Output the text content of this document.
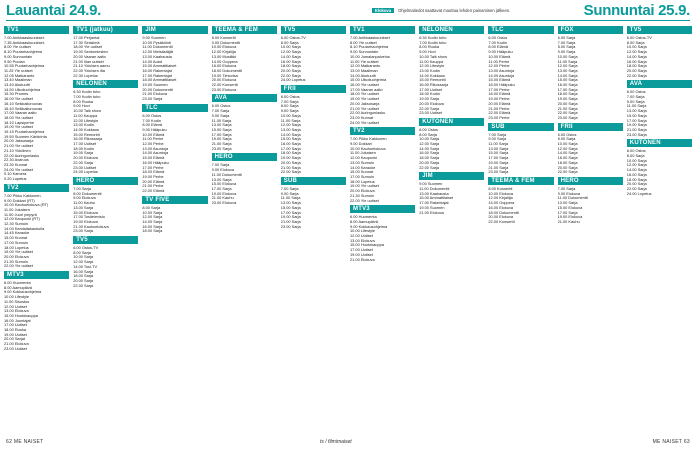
Lauantai 24.9.	Elokuva Ohjelmatiedot saattavat muuttua lehden painamisen jälkeen.	Sunnuntai 25.9.
TV1
7.00 Anikkaaskuunkset.
7.35 Anikkaaskuunkset.
8.00 Yle uutiset
8.10 Puutarhaohjelma
9.00 Sunnuntain
9.50 Puolan
10.55 Puutarhaohjelma
11.25 Yle uutiset
12.05 Matkaranto
13.40 Maailman
13.40 Akutuutit
14.50 Ulkoiluohjelma
15.30 Promes
16.00 Yle uutiset
16.10 Seikkailurouvas
16.40 Seikkailurouvas
17.00 Vaaran aalto
18.00 Yle uutiset
18.10 Lapsiperhe
19.00 Yle uutiset
19.15 Puutarhaohjelma
19.50 Suomen Kärkirinta
20.00 Jaksosarja
21.00 Yle uutiset
21.10 Ykköinen
22.00 Auringonlasku
22.30 Avaruus
23.30 Kunnat
24.00 Yle uutiset
0.10 Kamera
0.20 Lopetus
TV2
7.00 Pikku Kakkonen.
9.00 Dokkari (RT)
10.00 Kauhuelokuva (RT)
11.00 Jokaisen
11.50 Juuri ympyrä
12.00 Kaupunki (RT)
12.30 Sumuin
14.00 Kamlaitakaukulla
14.45 Karaoke
15.00 Kunnat
17.00 Sumuin
18.00 Lopetus
19.00 Yle uutiset
20.00 Elokuva
21.30 Sumuin
22.00 Yle uutiset
MTV3
6.00 Huomenta
8.00 Aamupäivä
9.00 Kokkausohjelma
10.00 Lifestyle
11.00 Sisustus
12.00 Uutiset
13.00 Elokuva
15.00 Huutokauppa
16.00 Juontajat
17.00 Uutiset
18.00 Ruoka
19.00 Uutiset
20.00 Sarjat
21.00 Elokuva
23.00 Uutiset
TV1 (jatkuu)
17.00 Perjantai
17.30 Sinisilmä
18.00 Yle uutiset
19.00 Sentomiesten
20.00 Vaaran aalto
21.00 Illan uutiset
21.10 Ykkösen aamu
22.00 Ykkösen ilta
22.30 Lopetus
NELONEN
6.30 Kodin tuho
7.00 Kodin tuho
8.00 Ruoka
9.00 Hovi
10.00 Talk show
11.00 Kauppa
12.00 Lifestyle
13.00 Kodin
14.00 Kokkaus
15.00 Remontti
16.00 Rikossarja
17.00 Uutiset
18.00 Kodin
19.00 Sarja
20.00 Elokuva
22.00 Sarja
23.00 Uutiset
24.00 Lopetus
HERO
7.00 Sarja
8.00 Dokumentti
9.00 Elokuva
11.00 Kauhu
13.00 Sarja
15.00 Elokuva
17.00 Tositelevisio
19.00 Elokuva
21.00 Kauhuelokuva
23.00 Sarja
TV5
6.00 Ostos-TV
8.00 Sarja
10.00 Sarja
12.00 Sarja
14.00 Tosi-TV
16.00 Sarja
18.00 Sarja
20.00 Sarja
22.00 Sarja
JIM
9.00 Suomen
10.00 Pysäköinti
11.00 Dokumentti
12.00 Metsästäjät
13.00 Kaahausta
14.00 Autot
15.00 Ammattilaiset
16.00 Rakentajat
17.00 Rakentajat
18.00 Ammattilaiset
19.00 Suomen
20.00 Dokumentti
21.00 Elokuva
23.00 Sarja
TLC
6.00 Ostos
7.00 Kodin
8.00 Elämä
9.00 Hääpuku
10.00 Elämä
11.00 Perhe
12.00 Perhe
13.00 Asuntoja
14.00 Asuntoja
15.00 Elämä
16.00 Hääpuku
17.00 Perhe
18.00 Elämä
19.00 Perhe
20.00 Elämä
21.00 Perhe
22.00 Elämä
TV FIVE
8.00 Sarja
10.00 Sarja
12.00 Sarja
14.00 Sarja
16.00 Sarja
18.00 Sarja
TEEMA & FEM
8.00 Konsertti
9.00 Dokumentti
10.00 Elokuva
12.00 Kirjailija
13.00 Musiikki
14.00 Ooppera
16.00 Elokuva
18.00 Dokumentti
19.00 Tietovisa
20.00 Elokuva
22.00 Konsertti
23.00 Elokuva
AVA
6.00 Ostos
7.00 Sarja
9.00 Sarja
11.00 Sarja
13.00 Sarja
15.00 Sarja
17.00 Sarja
19.00 Sarja
21.00 Sarja
23.00 Sarja
HERO
7.00 Sarja
9.00 Elokuva
11.00 Dokumentti
13.00 Sarja
15.00 Elokuva
17.00 Sarja
19.00 Elokuva
21.00 Kauhu
23.00 Elokuva
TV5
6.00 Ostos-TV
8.00 Sarja
10.00 Sarja
12.00 Sarja
14.00 Sarja
16.00 Sarja
18.00 Sarja
20.00 Sarja
22.00 Sarja
24.00 Lopetus
FRII
6.00 Ostos
7.00 Sarja
8.00 Sarja
9.00 Sarja
10.00 Sarja
11.00 Sarja
12.00 Sarja
13.00 Sarja
14.00 Sarja
15.00 Sarja
16.00 Sarja
17.00 Sarja
18.00 Sarja
19.00 Sarja
20.00 Sarja
21.00 Sarja
22.00 Sarja
SUB
7.00 Sarja
9.00 Sarja
11.00 Sarja
13.00 Sarja
15.00 Sarja
17.00 Sarja
19.00 Sarja
21.00 Sarja
23.00 Sarja
TV1
7.00 Anikkaaskuunkset
8.00 Yle uutiset
8.10 Puutarhaohjelma
9.00 Sunnuntain
10.00 Jumalanpalvelus
11.00 Yle uutiset
12.00 Matkaranto
13.00 Maailman
14.00 Akutuutit
15.00 Ulkoiluohjelma
16.00 Yle uutiset
17.00 Vaaran aalto
18.00 Yle uutiset
19.00 Yle uutiset
20.00 Jaksosarja
21.00 Yle uutiset
22.00 Auringonlasku
23.00 Kunnat
24.00 Yle uutiset
TV2
7.00 Pikku Kakkonen
9.00 Dokkari
10.00 Kauhuelokuva
11.00 Jokaisen
12.00 Kaupunki
13.00 Sumuin
14.00 Karaoke
15.00 Kunnat
17.00 Sumuin
18.00 Lopetus
19.00 Yle uutiset
20.00 Elokuva
21.30 Sumuin
22.00 Yle uutiset
MTV3
6.00 Huomenta
8.00 Aamupäivä
9.00 Kokkausohjelma
10.00 Lifestyle
12.00 Uutiset
13.00 Elokuva
15.00 Huutokauppa
17.00 Uutiset
19.00 Uutiset
21.00 Elokuva
NELONEN
6.30 Kodin tuho
7.00 Kodin tuho
8.00 Ruoka
9.00 Hovi
10.00 Talk show
11.00 Kauppa
12.00 Lifestyle
13.00 Kodin
14.00 Kokkaus
15.00 Remontti
16.00 Rikossarja
17.00 Uutiset
18.00 Kodin
19.00 Sarja
20.00 Elokuva
22.00 Sarja
23.00 Uutiset
KUTONEN
6.00 Ostos
8.00 Sarja
10.00 Sarja
12.00 Sarja
14.00 Sarja
16.00 Sarja
18.00 Sarja
20.00 Sarja
22.00 Sarja
JIM
9.00 Suomen
11.00 Dokumentti
13.00 Kaahausta
15.00 Ammattilaiset
17.00 Rakentajat
19.00 Suomen
21.00 Elokuva
TLC
6.00 Ostos
7.00 Kodin
8.00 Elämä
9.00 Hääpuku
10.00 Elämä
11.00 Perhe
12.00 Perhe
13.00 Asuntoja
14.00 Asuntoja
15.00 Elämä
16.00 Hääpuku
17.00 Perhe
18.00 Elämä
19.00 Perhe
20.00 Elämä
21.00 Perhe
22.00 Elämä
23.00 Perhe
SUB
7.00 Sarja
9.00 Sarja
11.00 Sarja
13.00 Sarja
15.00 Sarja
17.00 Sarja
19.00 Sarja
21.00 Sarja
23.00 Sarja
TEEMA & FEM
8.00 Konsertti
10.00 Elokuva
12.00 Kirjailija
14.00 Ooppera
16.00 Elokuva
18.00 Dokumentti
20.00 Elokuva
22.00 Konsertti
FOX
6.00 Sarja
7.00 Sarja
8.00 Sarja
9.00 Sarja
10.00 Sarja
11.00 Sarja
12.00 Sarja
13.00 Sarja
14.00 Sarja
15.00 Sarja
16.00 Sarja
17.00 Sarja
18.00 Sarja
19.00 Sarja
20.00 Sarja
21.00 Sarja
22.00 Sarja
23.00 Sarja
FRII
6.00 Ostos
8.00 Sarja
10.00 Sarja
12.00 Sarja
14.00 Sarja
16.00 Sarja
18.00 Sarja
20.00 Sarja
22.00 Sarja
HERO
7.00 Sarja
9.00 Elokuva
11.00 Dokumentti
13.00 Sarja
15.00 Elokuva
17.00 Sarja
19.00 Elokuva
21.00 Kauhu
TV5
6.00 Ostos-TV
8.00 Sarja
10.00 Sarja
12.00 Sarja
14.00 Sarja
16.00 Sarja
18.00 Sarja
20.00 Sarja
22.00 Sarja
AVA
6.00 Ostos
7.00 Sarja
9.00 Sarja
11.00 Sarja
13.00 Sarja
15.00 Sarja
17.00 Sarja
19.00 Sarja
21.00 Sarja
23.00 Sarja
KUTONEN
6.00 Ostos
8.00 Sarja
10.00 Sarja
12.00 Sarja
14.00 Sarja
16.00 Sarja
18.00 Sarja
20.00 Sarja
22.00 Sarja
24.00 Lopetus
62 ME NAISET	ts / filmimaiset	ME NAISET 63
